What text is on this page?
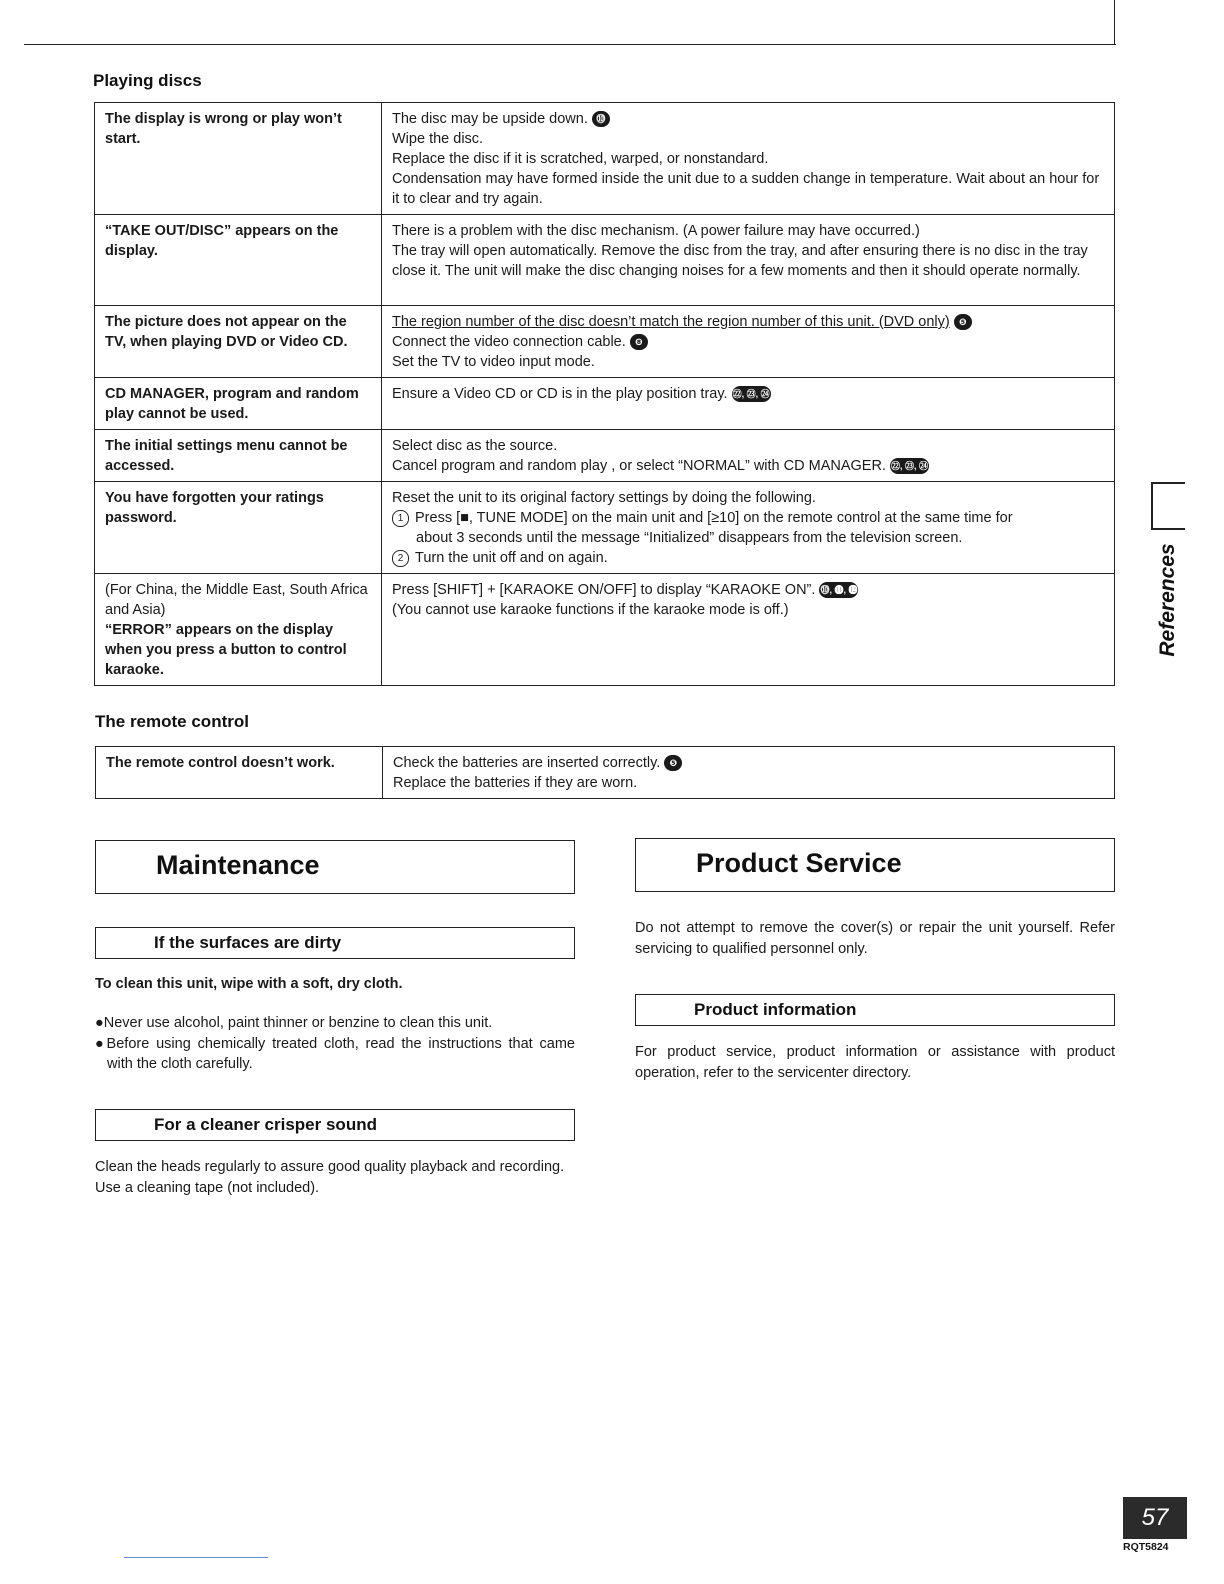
Playing discs
The display is wrong or play won’t start.	The disc may be upside down. ⓾
Wipe the disc.
Replace the disc if it is scratched, warped, or nonstandard.
Condensation may have formed inside the unit due to a sudden change in temperature. Wait about an hour for it to clear and try again.

“TAKE OUT/DISC” appears on the display.	There is a problem with the disc mechanism. (A power failure may have occurred.)
The tray will open automatically. Remove the disc from the tray, and after ensuring there is no disc in the tray close it. The unit will make the disc changing noises for a few moments and then it should operate normally.

The picture does not appear on the TV, when playing DVD or Video CD.	The region number of the disc doesn’t match the region number of this unit. (DVD only) ❺
Connect the video connection cable. ❽
Set the TV to video input mode.

CD MANAGER, program and random play cannot be used.	Ensure a Video CD or CD is in the play position tray. ㉒, ㉓, ㉔

The initial settings menu cannot be accessed.	Select disc as the source.
Cancel program and random play , or select “NORMAL” with CD MANAGER. ㉒, ㉓, ㉔

You have forgotten your ratings password.	Reset the unit to its original factory settings by doing the following.
1 Press [■, TUNE MODE] on the main unit and [≥10] on the remote control at the same time for
about 3 seconds until the message “Initialized” disappears from the television screen.
2 Turn the unit off and on again.

(For China, the Middle East, South Africa and Asia)
“ERROR” appears on the display when you press a button to control karaoke.	Press [SHIFT] + [KARAOKE ON/OFF] to display “KARAOKE ON”. ⓾, ⓫, ⓬
(You cannot use karaoke functions if the karaoke mode is off.)
The remote control
The remote control doesn’t work.	Check the batteries are inserted correctly. ❺
Replace the batteries if they are worn.
Maintenance
If the surfaces are dirty
To clean this unit, wipe with a soft, dry cloth.
●Never use alcohol, paint thinner or benzine to clean this unit.
●Before using chemically treated cloth, read the instructions that came with the cloth carefully.
For a cleaner crisper sound
Clean the heads regularly to assure good quality playback and recording.
Use a cleaning tape (not included).
Product Service
Do not attempt to remove the cover(s) or repair the unit yourself. Refer servicing to qualified personnel only.
Product information
For product service, product information or assistance with product operation, refer to the servicenter directory.
References
57
RQT5824
